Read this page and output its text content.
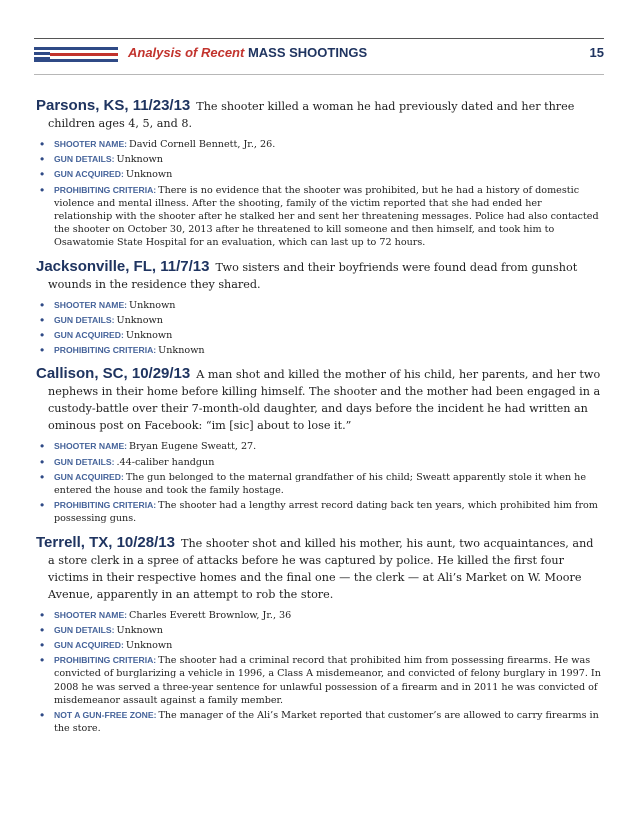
Analysis of Recent MASS SHOOTINGS	15
Parsons, KS, 11/23/13 The shooter killed a woman he had previously dated and her three children ages 4, 5, and 8.
• SHOOTER NAME: David Cornell Bennett, Jr., 26.
• GUN DETAILS: Unknown
• GUN ACQUIRED: Unknown
• PROHIBITING CRITERIA: There is no evidence that the shooter was prohibited, but he had a history of domestic violence and mental illness. After the shooting, family of the victim reported that she had ended her relationship with the shooter after he stalked her and sent her threatening messages. Police had also contacted the shooter on October 30, 2013 after he threatened to kill someone and then himself, and took him to Osawatomie State Hospital for an evaluation, which can last up to 72 hours.
Jacksonville, FL, 11/7/13 Two sisters and their boyfriends were found dead from gunshot wounds in the residence they shared.
• SHOOTER NAME: Unknown
• GUN DETAILS: Unknown
• GUN ACQUIRED: Unknown
• PROHIBITING CRITERIA: Unknown
Callison, SC, 10/29/13 A man shot and killed the mother of his child, her parents, and her two nephews in their home before killing himself. The shooter and the mother had been engaged in a custody-battle over their 7-month-old daughter, and days before the incident he had written an ominous post on Facebook: “im [sic] about to lose it.”
• SHOOTER NAME: Bryan Eugene Sweatt, 27.
• GUN DETAILS: .44-caliber handgun
• GUN ACQUIRED: The gun belonged to the maternal grandfather of his child; Sweatt apparently stole it when he entered the house and took the family hostage.
• PROHIBITING CRITERIA: The shooter had a lengthy arrest record dating back ten years, which prohibited him from possessing guns.
Terrell, TX, 10/28/13 The shooter shot and killed his mother, his aunt, two acquaintances, and a store clerk in a spree of attacks before he was captured by police. He killed the first four victims in their respective homes and the final one — the clerk — at Ali’s Market on W. Moore Avenue, apparently in an attempt to rob the store.
• SHOOTER NAME: Charles Everett Brownlow, Jr., 36
• GUN DETAILS: Unknown
• GUN ACQUIRED: Unknown
• PROHIBITING CRITERIA: The shooter had a criminal record that prohibited him from possessing firearms. He was convicted of burglarizing a vehicle in 1996, a Class A misdemeanor, and convicted of felony burglary in 1997. In 2008 he was served a three-year sentence for unlawful possession of a firearm and in 2011 he was convicted of misdemeanor assault against a family member.
• NOT A GUN-FREE ZONE: The manager of the Ali’s Market reported that customer’s are allowed to carry firearms in the store.
